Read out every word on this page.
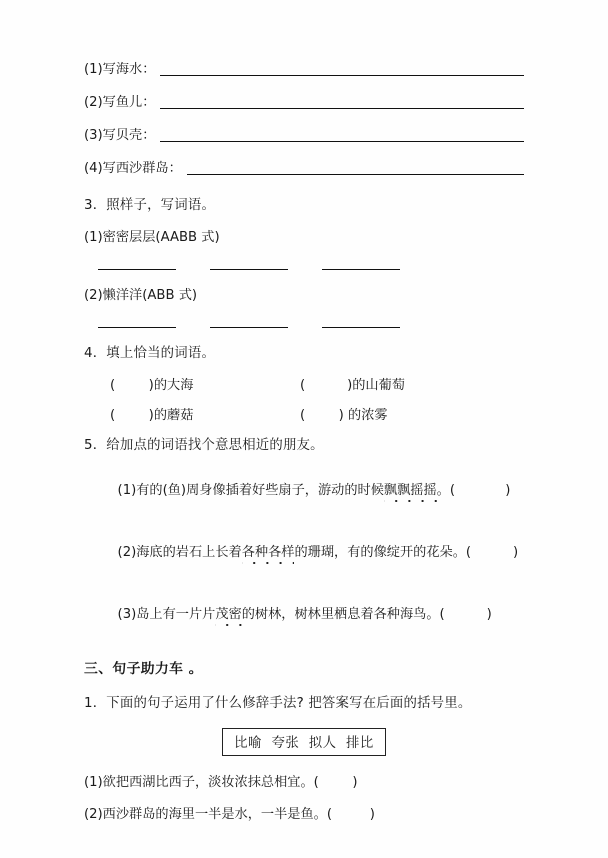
(1)写海水：
(2)写鱼儿：
(3)写贝壳：
(4)写西沙群岛：
3．照样子，写词语。
(1)密密层层(AABB 式)
(2)懒洋洋(ABB 式)
4．填上恰当的词语。
(        )的大海	(          )的山葡萄
(        )的蘑菇	(        ) 的浓雾
5．给加点的词语找个意思相近的朋友。

(1)有的(鱼)周身像插着好些扇子，游动的时候飘飘摇摇。(            )

(2)海底的岩石上长着各种各样的珊瑚，有的像绽开的花朵。(          )

(3)岛上有一片片茂密的树林，树林里栖息着各种海鸟。(          )

三、句子助力车 。
1．下面的句子运用了什么修辞手法? 把答案写在后面的括号里。
比喻  夸张  拟人  排比
(1)欲把西湖比西子，淡妆浓抹总相宜。(        )
(2)西沙群岛的海里一半是水，一半是鱼。(         )
